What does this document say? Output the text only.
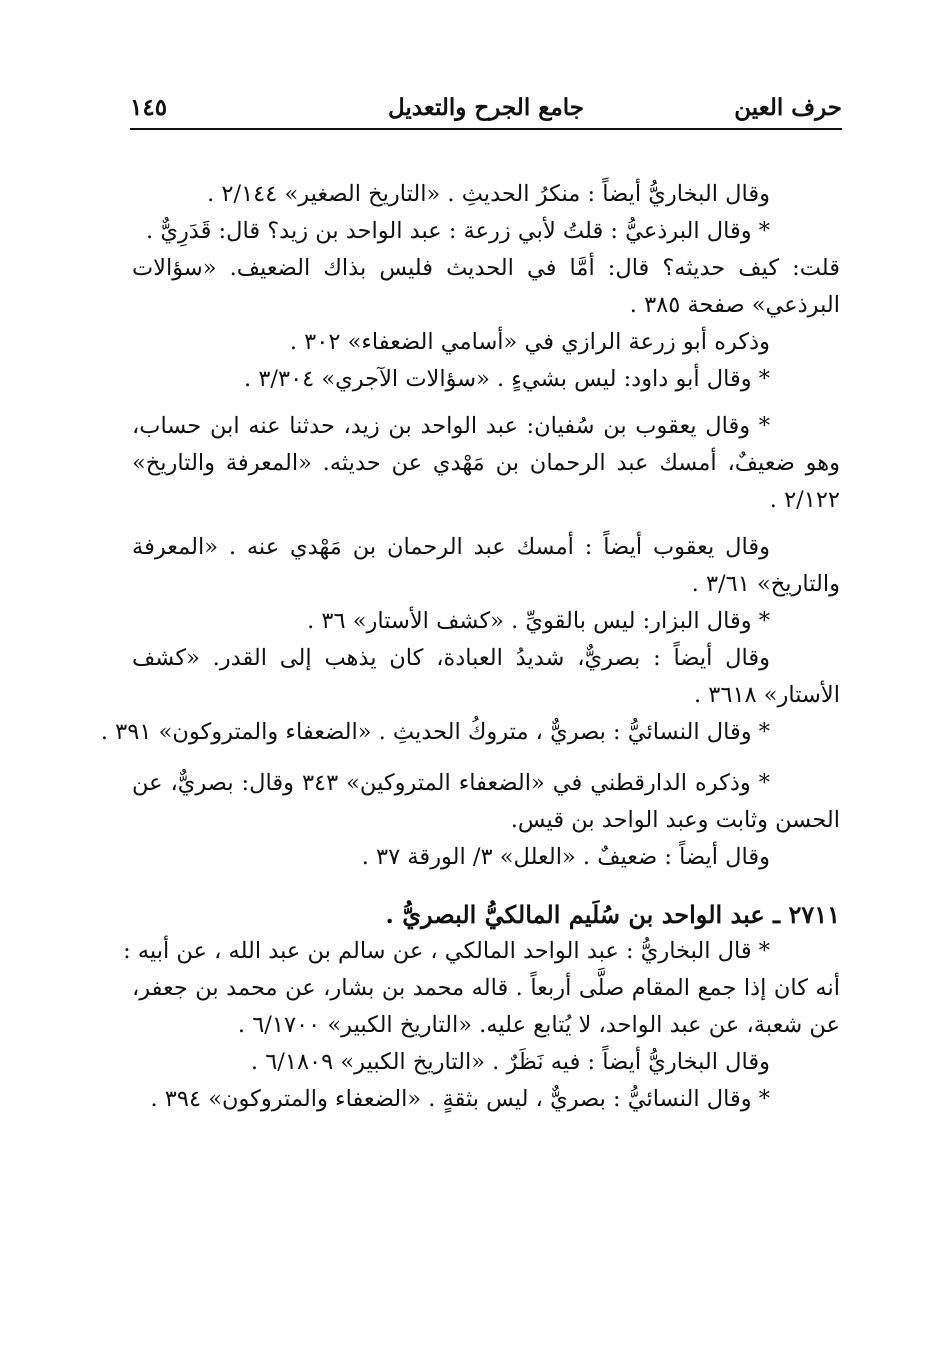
حرف العين
جامع الجرح والتعديل
١٤٥
وقال البخاريُّ أيضاً : منكرُ الحديثِ . «التاريخ الصغير» ٢/١٤٤ .
* وقال البرذعيُّ : قلتُ لأبي زرعة : عبد الواحد بن زيد؟ قال: قَدَرِيٌّ .
قلت: كيف حديثه؟ قال: أمَّا في الحديث فليس بذاك الضعيف. «سؤالات
البرذعي» صفحة ٣٨٥ .
وذكره أبو زرعة الرازي في «أسامي الضعفاء» ٣٠٢ .
* وقال أبو داود: ليس بشيءٍ . «سؤالات الآجري» ٣/٣٠٤ .
* وقال يعقوب بن سُفيان: عبد الواحد بن زيد، حدثنا عنه ابن حساب،
وهو ضعيفٌ، أمسك عبد الرحمان بن مَهْدي عن حديثه. «المعرفة والتاريخ»
٢/١٢٢ .
وقال يعقوب أيضاً : أمسك عبد الرحمان بن مَهْدي عنه . «المعرفة
والتاريخ» ٣/٦١ .
* وقال البزار: ليس بالقويِّ . «كشف الأستار» ٣٦ .
وقال أيضاً : بصريٌّ، شديدُ العبادة، كان يذهب إلى القدر. «كشف
الأستار» ٣٦١٨ .
* وقال النسائيُّ : بصريٌّ ، متروكُ الحديثِ . «الضعفاء والمتروكون» ٣٩١ .
* وذكره الدارقطني في «الضعفاء المتروكين» ٣٤٣ وقال: بصريٌّ، عن
الحسن وثابت وعبد الواحد بن قيس.
وقال أيضاً : ضعيفٌ . «العلل» ٣/ الورقة ٣٧ .
٢٧١١ ـ عبد الواحد بن سُلَيم المالكيُّ البصريُّ .
* قال البخاريُّ : عبد الواحد المالكي ، عن سالم بن عبد الله ، عن أبيه :
أنه كان إذا جمع المقام صلَّى أربعاً . قاله محمد بن بشار، عن محمد بن جعفر،
عن شعبة، عن عبد الواحد، لا يُتابع عليه. «التاريخ الكبير» ٦/١٧٠٠ .
وقال البخاريُّ أيضاً : فيه نَظَرٌ . «التاريخ الكبير» ٦/١٨٠٩ .
* وقال النسائيُّ : بصريٌّ ، ليس بثقةٍ . «الضعفاء والمتروكون» ٣٩٤ .
